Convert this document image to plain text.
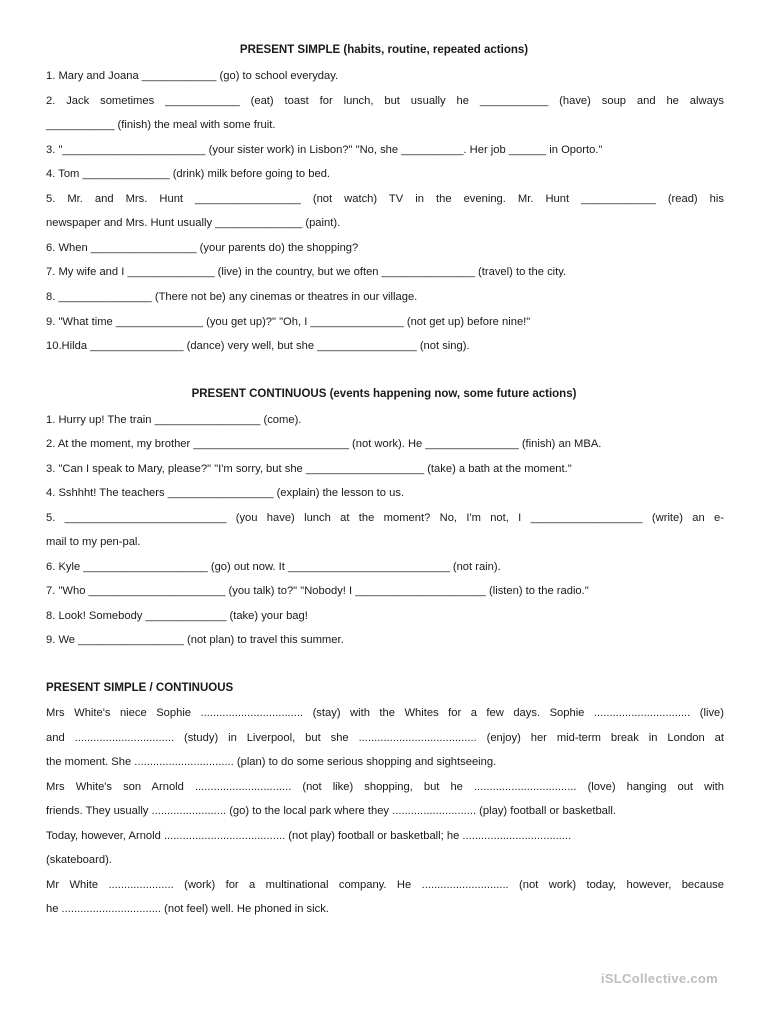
PRESENT SIMPLE (habits, routine, repeated actions)
1. Mary and Joana ____________ (go) to school everyday.
2. Jack sometimes ____________ (eat) toast for lunch, but usually he ___________ (have) soup and he always
___________ (finish) the meal with some fruit.
3. "_______________________ (your sister work) in Lisbon?" "No, she __________. Her job ______ in Oporto."
4. Tom ______________ (drink) milk before going to bed.
5. Mr. and Mrs. Hunt _________________ (not watch) TV in the evening. Mr. Hunt ____________ (read) his
newspaper and Mrs. Hunt usually ______________ (paint).
6. When _________________ (your parents do) the shopping?
7. My wife and I ______________ (live) in the country, but we often _______________ (travel) to the city.
8. _______________ (There not be) any cinemas or theatres in our village.
9. "What time ______________ (you get up)?" "Oh, I _______________ (not get up) before nine!"
10.Hilda _______________ (dance) very well, but she ________________ (not sing).
PRESENT CONTINUOUS (events happening now, some future actions)
1. Hurry up! The train _________________ (come).
2. At the moment, my brother _________________________ (not work). He _______________ (finish) an MBA.
3. "Can I speak to Mary, please?" "I'm sorry, but she ___________________ (take) a bath at the moment."
4. Sshhht! The teachers _________________ (explain) the lesson to us.
5. __________________________ (you have) lunch at the moment? No, I'm not, I __________________ (write) an e-
mail to my pen-pal.
6. Kyle ____________________ (go) out now. It __________________________ (not rain).
7. "Who ______________________ (you talk) to?" "Nobody! I _____________________ (listen) to the radio."
8. Look! Somebody _____________ (take) your bag!
9. We _________________ (not plan) to travel this summer.
PRESENT SIMPLE / CONTINUOUS
Mrs White's niece Sophie ................................. (stay) with the Whites for a few days. Sophie ............................... (live)
and ................................ (study) in Liverpool, but she ...................................... (enjoy) her mid-term break in London at
the moment. She ................................ (plan) to do some serious shopping and sightseeing.
Mrs White's son Arnold ............................... (not like) shopping, but he ................................. (love) hanging out with
friends. They usually ........................ (go) to the local park where they ........................... (play) football or basketball.
Today, however, Arnold ....................................... (not play) football or basketball; he ...................................
(skateboard).
Mr White ..................... (work) for a multinational company. He ............................ (not work) today, however, because
he ................................ (not feel) well. He phoned in sick.
iSLCollective.com
